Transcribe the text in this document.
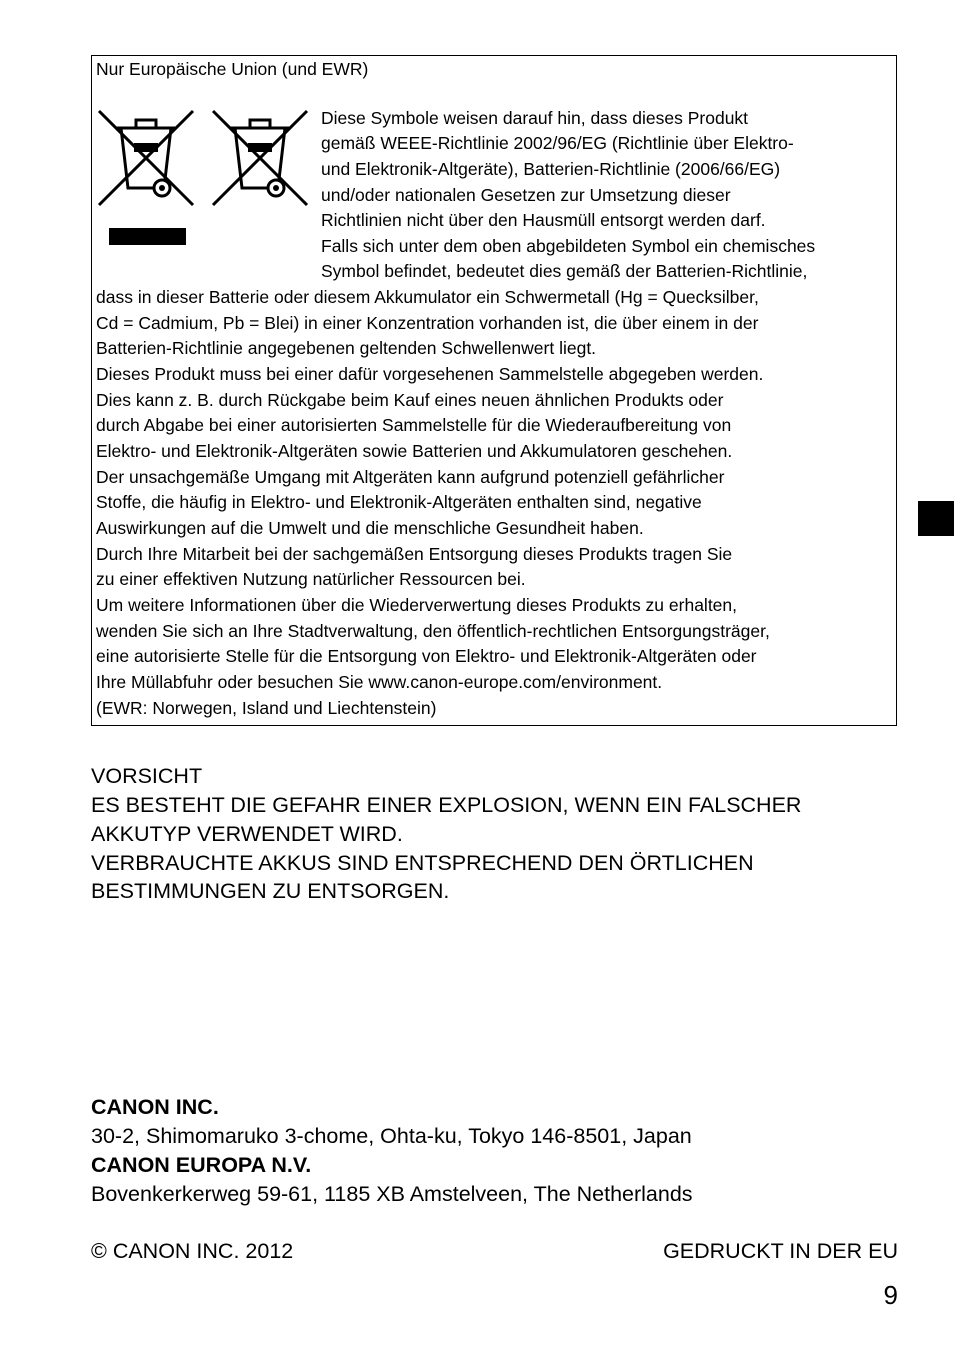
Nur Europäische Union (und EWR)
Diese Symbole weisen darauf hin, dass dieses Produkt
gemäß WEEE-Richtlinie 2002/96/EG (Richtlinie über Elektro-
und Elektronik-Altgeräte), Batterien-Richtlinie (2006/66/EG)
und/oder nationalen Gesetzen zur Umsetzung dieser
Richtlinien nicht über den Hausmüll entsorgt werden darf.
Falls sich unter dem oben abgebildeten Symbol ein chemisches
Symbol befindet, bedeutet dies gemäß der Batterien-Richtlinie,
dass in dieser Batterie oder diesem Akkumulator ein Schwermetall (Hg = Quecksilber,
Cd = Cadmium, Pb = Blei) in einer Konzentration vorhanden ist, die über einem in der
Batterien-Richtlinie angegebenen geltenden Schwellenwert liegt.
Dieses Produkt muss bei einer dafür vorgesehenen Sammelstelle abgegeben werden.
Dies kann z. B. durch Rückgabe beim Kauf eines neuen ähnlichen Produkts oder
durch Abgabe bei einer autorisierten Sammelstelle für die Wiederaufbereitung von
Elektro- und Elektronik-Altgeräten sowie Batterien und Akkumulatoren geschehen.
Der unsachgemäße Umgang mit Altgeräten kann aufgrund potenziell gefährlicher
Stoffe, die häufig in Elektro- und Elektronik-Altgeräten enthalten sind, negative
Auswirkungen auf die Umwelt und die menschliche Gesundheit haben.
Durch Ihre Mitarbeit bei der sachgemäßen Entsorgung dieses Produkts tragen Sie
zu einer effektiven Nutzung natürlicher Ressourcen bei.
Um weitere Informationen über die Wiederverwertung dieses Produkts zu erhalten,
wenden Sie sich an Ihre Stadtverwaltung, den öffentlich-rechtlichen Entsorgungsträger,
eine autorisierte Stelle für die Entsorgung von Elektro- und Elektronik-Altgeräten oder
Ihre Müllabfuhr oder besuchen Sie www.canon-europe.com/environment.
(EWR: Norwegen, Island und Liechtenstein)
VORSICHT
ES BESTEHT DIE GEFAHR EINER EXPLOSION, WENN EIN FALSCHER
AKKUTYP VERWENDET WIRD.
VERBRAUCHTE AKKUS SIND ENTSPRECHEND DEN ÖRTLICHEN
BESTIMMUNGEN ZU ENTSORGEN.
CANON INC.
30-2, Shimomaruko 3-chome, Ohta-ku, Tokyo 146-8501, Japan
CANON EUROPA N.V.
Bovenkerkerweg 59-61, 1185 XB Amstelveen, The Netherlands
© CANON INC. 2012	GEDRUCKT IN DER EU
9
